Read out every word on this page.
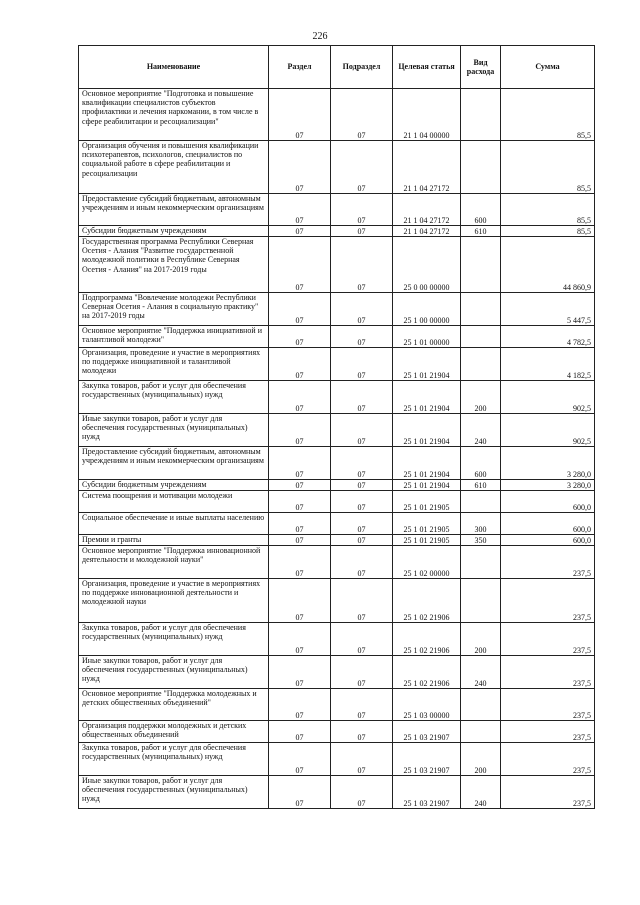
226
Наименование	Раздел	Подраздел	Целевая статья	Вид расхода	Сумма
Основное мероприятие "Подготовка и повышение квалификации специалистов субъектов профилактики и лечения наркомании, в том числе в сфере реабилитации и ресоциализации"	07	07	21 1 04 00000		85,5
Организация обучения и повышения квалификации психотерапевтов, психологов, специалистов по социальной работе в сфере реабилитации и ресоциализации	07	07	21 1 04 27172		85,5
Предоставление субсидий бюджетным, автономным учреждениям и иным некоммерческим организациям	07	07	21 1 04 27172	600	85,5
Субсидии бюджетным учреждениям	07	07	21 1 04 27172	610	85,5
Государственная программа Республики Северная Осетия - Алания "Развитие государственной молодежной политики в Республике Северная Осетия - Алания" на 2017-2019 годы	07	07	25 0 00 00000		44 860,9
Подпрограмма "Вовлечение молодежи Республики Северная Осетия - Алания в социальную практику" на 2017-2019 годы	07	07	25 1 00 00000		5 447,5
Основное мероприятие "Поддержка инициативной и талантливой молодежи"	07	07	25 1 01 00000		4 782,5
Организация, проведение и участие в мероприятиях по поддержке инициативной и талантливой молодежи	07	07	25 1 01 21904		4 182,5
Закупка товаров, работ и услуг для обеспечения государственных (муниципальных) нужд	07	07	25 1 01 21904	200	902,5
Иные закупки товаров, работ и услуг для обеспечения государственных (муниципальных) нужд	07	07	25 1 01 21904	240	902,5
Предоставление субсидий бюджетным, автономным учреждениям и иным некоммерческим организациям	07	07	25 1 01 21904	600	3 280,0
Субсидии бюджетным учреждениям	07	07	25 1 01 21904	610	3 280,0
Система поощрения и мотивации молодежи	07	07	25 1 01 21905		600,0
Социальное обеспечение и иные выплаты населению	07	07	25 1 01 21905	300	600,0
Премии и гранты	07	07	25 1 01 21905	350	600,0
Основное мероприятие "Поддержка инновационной деятельности и молодежной науки"	07	07	25 1 02 00000		237,5
Организация, проведение и участие в мероприятиях по поддержке инновационной деятельности и молодежной науки	07	07	25 1 02 21906		237,5
Закупка товаров, работ и услуг для обеспечения государственных (муниципальных) нужд	07	07	25 1 02 21906	200	237,5
Иные закупки товаров, работ и услуг для обеспечения государственных (муниципальных) нужд	07	07	25 1 02 21906	240	237,5
Основное мероприятие "Поддержка молодежных и детских общественных объединений"	07	07	25 1 03 00000		237,5
Организация поддержки молодежных и детских общественных объединений	07	07	25 1 03 21907		237,5
Закупка товаров, работ и услуг для обеспечения государственных (муниципальных) нужд	07	07	25 1 03 21907	200	237,5
Иные закупки товаров, работ и услуг для обеспечения государственных (муниципальных) нужд	07	07	25 1 03 21907	240	237,5
